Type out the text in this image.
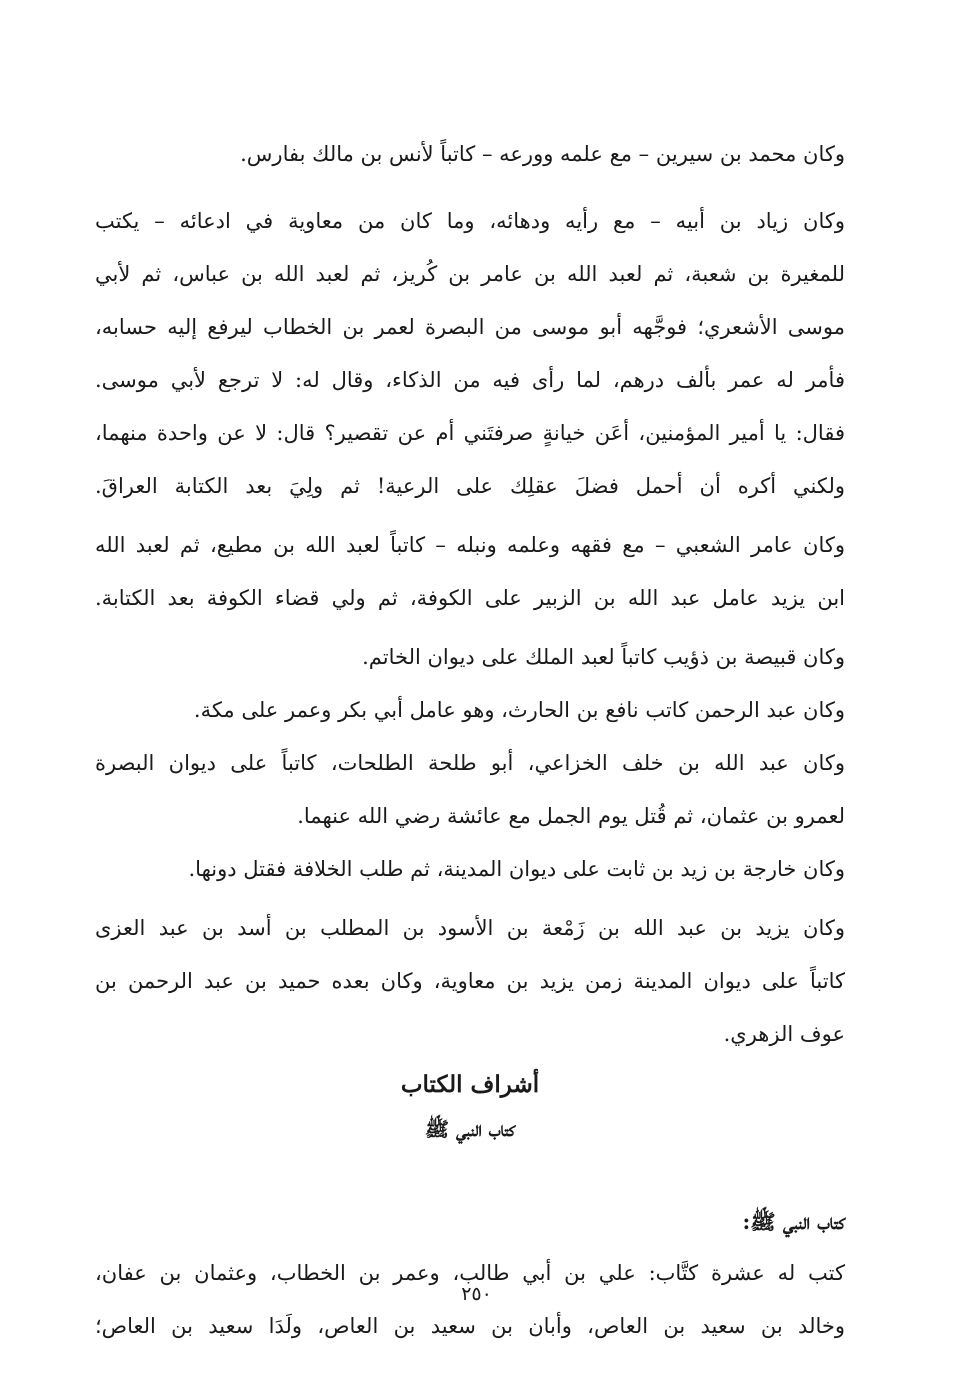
وكان محمد بن سيرين – مع علمه وورعه – كاتباً لأنس بن مالك بفارس.
وكان زياد بن أبيه – مع رأيه ودهائه، وما كان من معاوية في ادعائه – يكتب
للمغيرة بن شعبة، ثم لعبد الله بن عامر بن كُريز، ثم لعبد الله بن عباس، ثم لأبي
موسى الأشعري؛ فوجَّهه أبو موسى من البصرة لعمر بن الخطاب ليرفع إليه حسابه،
فأمر له عمر بألف درهم، لما رأى فيه من الذكاء، وقال له: لا ترجع لأبي موسى.
فقال: يا أمير المؤمنين، أعَن خيانةٍ صرفتَني أم عن تقصير؟ قال: لا عن واحدة منهما،
ولكني أكره أن أحمل فضلَ عقلِك على الرعية! ثم ولِيَ بعد الكتابة العراقَ.
وكان عامر الشعبي – مع فقهه وعلمه ونبله – كاتباً لعبد الله بن مطيع، ثم لعبد الله
ابن يزيد عامل عبد الله بن الزبير على الكوفة، ثم ولي قضاء الكوفة بعد الكتابة.
وكان قبيصة بن ذؤيب كاتباً لعبد الملك على ديوان الخاتم.
وكان عبد الرحمن كاتب نافع بن الحارث، وهو عامل أبي بكر وعمر على مكة.
وكان عبد الله بن خلف الخزاعي، أبو طلحة الطلحات، كاتباً على ديوان البصرة
لعمرو بن عثمان، ثم قُتل يوم الجمل مع عائشة رضي الله عنهما.
وكان خارجة بن زيد بن ثابت على ديوان المدينة، ثم طلب الخلافة فقتل دونها.
وكان يزيد بن عبد الله بن زَمْعة بن الأسود بن المطلب بن أسد بن عبد العزى
كاتباً على ديوان المدينة زمن يزيد بن معاوية، وكان بعده حميد بن عبد الرحمن بن
عوف الزهري.
أشراف الكتاب
كتاب النبي ﷺ
كتاب النبي ﷺ:
كتب له عشرة كتَّاب: علي بن أبي طالب، وعمر بن الخطاب، وعثمان بن عفان،
وخالد بن سعيد بن العاص، وأبان بن سعيد بن العاص، ولَدَا سعيد بن العاص؛
٢٥٠
